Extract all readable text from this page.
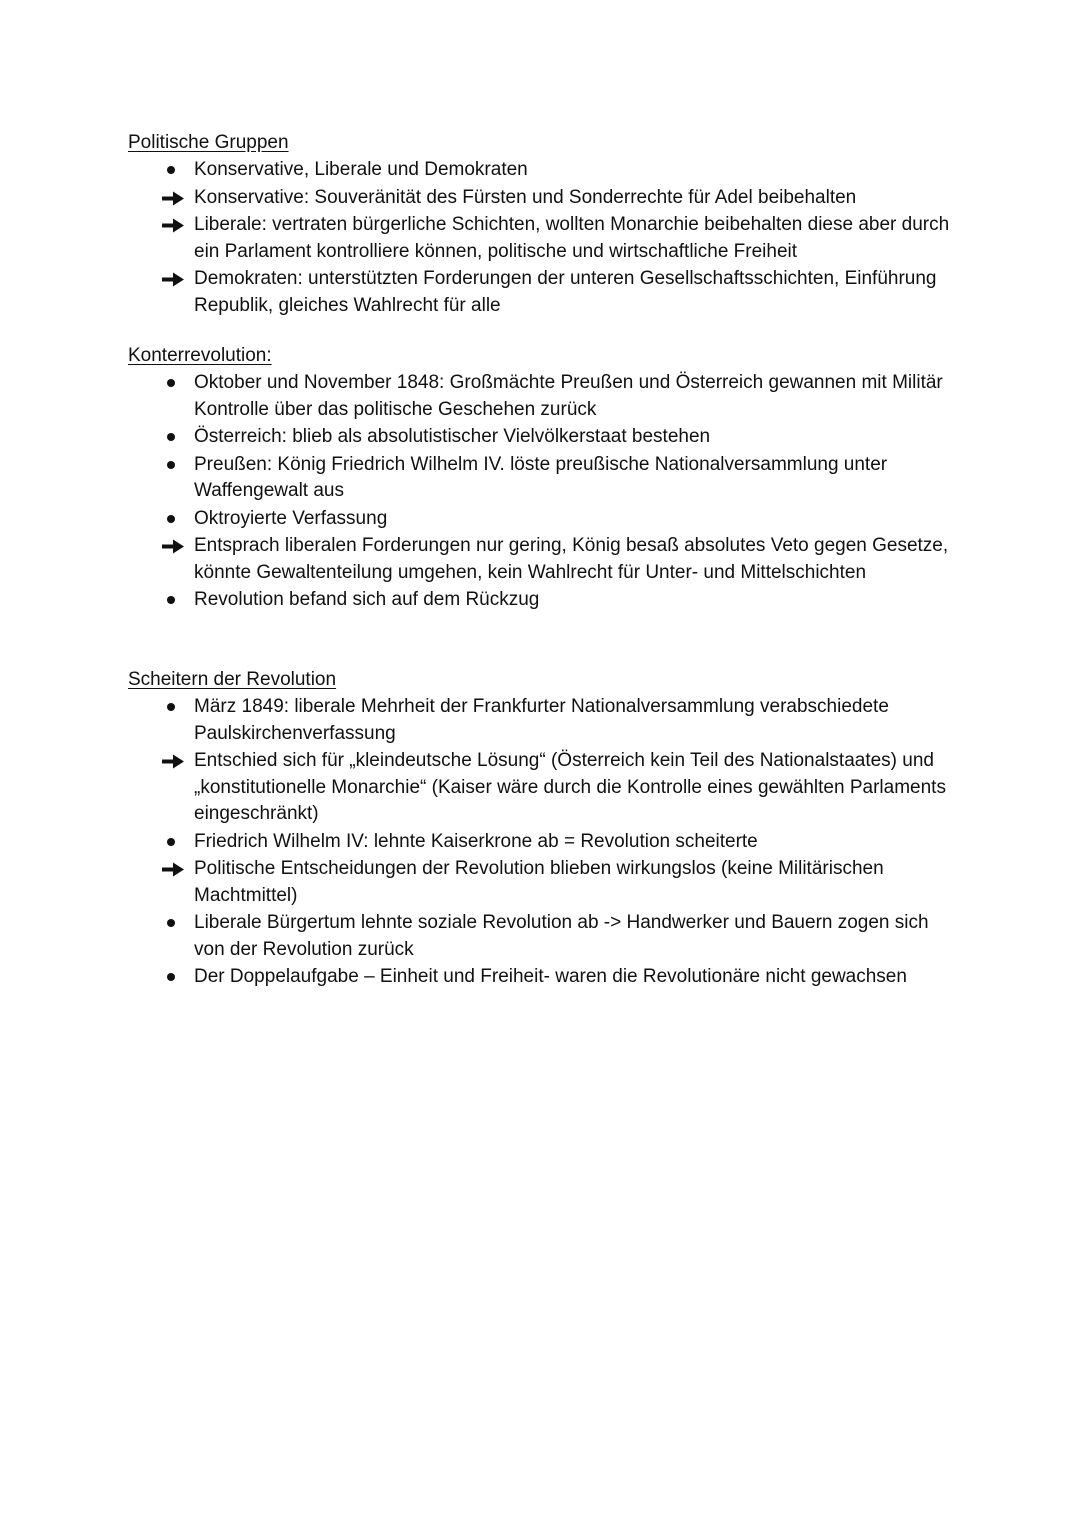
Politische Gruppen
Konservative, Liberale und Demokraten
Konservative: Souveränität des Fürsten und Sonderrechte für Adel beibehalten
Liberale: vertraten bürgerliche Schichten, wollten Monarchie beibehalten diese aber durch ein Parlament kontrolliere können, politische und wirtschaftliche Freiheit
Demokraten: unterstützten Forderungen der unteren Gesellschaftsschichten, Einführung Republik, gleiches Wahlrecht für alle
Konterrevolution:
Oktober und November 1848: Großmächte Preußen und Österreich gewannen mit Militär Kontrolle über das politische Geschehen zurück
Österreich: blieb als absolutistischer Vielvölkerstaat bestehen
Preußen: König Friedrich Wilhelm IV. löste preußische Nationalversammlung unter Waffengewalt aus
Oktroyierte Verfassung
Entsprach liberalen Forderungen nur gering, König besaß absolutes Veto gegen Gesetze, könnte Gewaltenteilung umgehen, kein Wahlrecht für Unter- und Mittelschichten
Revolution befand sich auf dem Rückzug
Scheitern der Revolution
März 1849: liberale Mehrheit der Frankfurter Nationalversammlung verabschiedete Paulskirchenverfassung
Entschied sich für „kleindeutsche Lösung“ (Österreich kein Teil des Nationalstaates) und „konstitutionelle Monarchie“ (Kaiser wäre durch die Kontrolle eines gewählten Parlaments eingeschränkt)
Friedrich Wilhelm IV: lehnte Kaiserkrone ab = Revolution scheiterte
Politische Entscheidungen der Revolution blieben wirkungslos (keine Militärischen Machtmittel)
Liberale Bürgertum lehnte soziale Revolution ab -> Handwerker und Bauern zogen sich von der Revolution zurück
Der Doppelaufgabe – Einheit und Freiheit- waren die Revolutionäre nicht gewachsen
